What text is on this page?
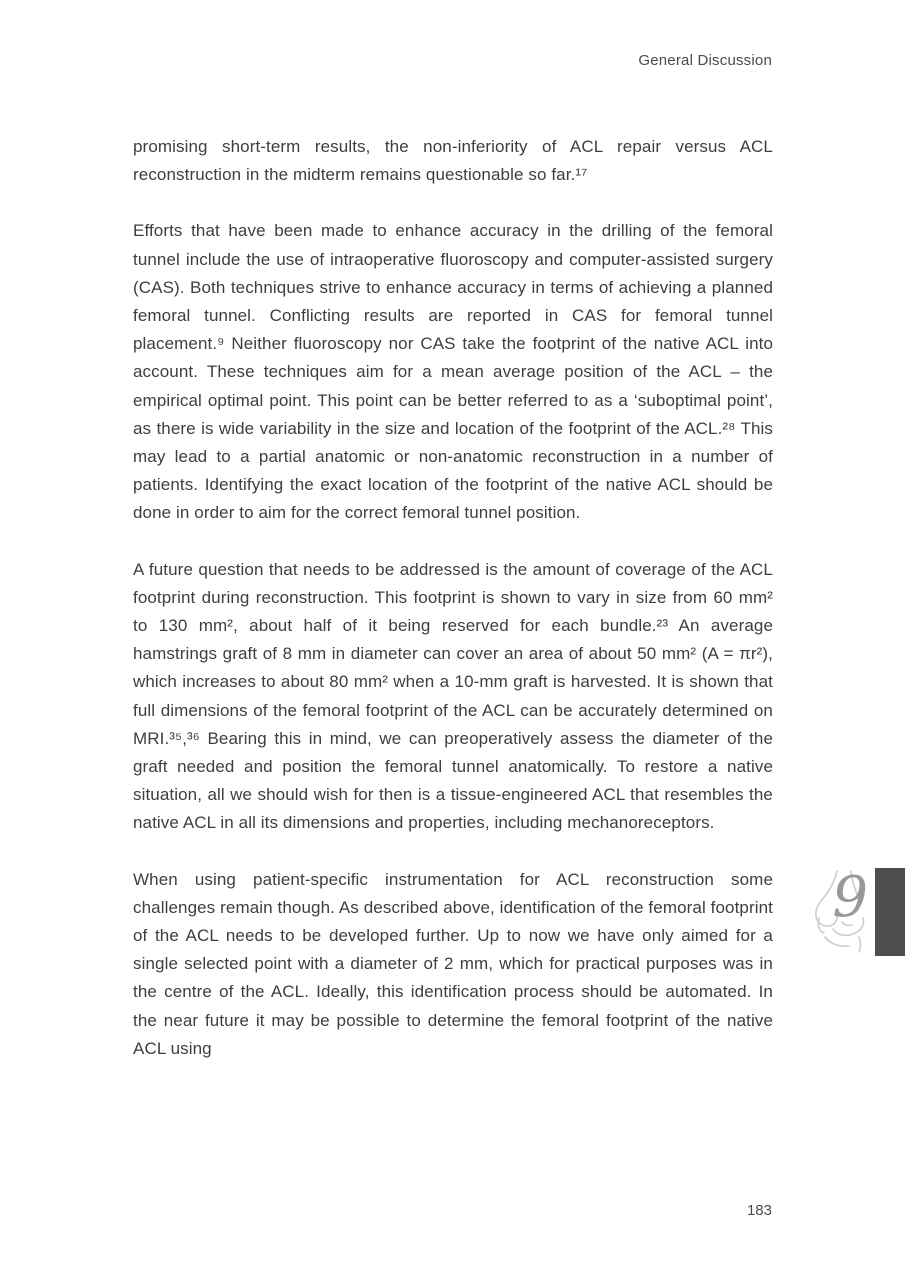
General Discussion

promising short-term results, the non-inferiority of ACL repair versus ACL reconstruction in the midterm remains questionable so far.¹⁷

Efforts that have been made to enhance accuracy in the drilling of the femoral tunnel include the use of intraoperative fluoroscopy and computer-assisted surgery (CAS). Both techniques strive to enhance accuracy in terms of achieving a planned femoral tunnel. Conflicting results are reported in CAS for femoral tunnel placement.⁹ Neither fluoroscopy nor CAS take the footprint of the native ACL into account. These techniques aim for a mean average position of the ACL – the empirical optimal point. This point can be better referred to as a ‘suboptimal point’, as there is wide variability in the size and location of the footprint of the ACL.²⁸ This may lead to a partial anatomic or non-anatomic reconstruction in a number of patients. Identifying the exact location of the footprint of the native ACL should be done in order to aim for the correct femoral tunnel position.

A future question that needs to be addressed is the amount of coverage of the ACL footprint during reconstruction. This footprint is shown to vary in size from 60 mm² to 130 mm², about half of it being reserved for each bundle.²³ An average hamstrings graft of 8 mm in diameter can cover an area of about 50 mm² (A = πr²), which increases to about 80 mm² when a 10-mm graft is harvested. It is shown that full dimensions of the femoral footprint of the ACL can be accurately determined on MRI.³⁵,³⁶ Bearing this in mind, we can preoperatively assess the diameter of the graft needed and position the femoral tunnel anatomically. To restore a native situation, all we should wish for then is a tissue-engineered ACL that resembles the native ACL in all its dimensions and properties, including mechanoreceptors.

When using patient-specific instrumentation for ACL reconstruction some challenges remain though. As described above, identification of the femoral footprint of the ACL needs to be developed further. Up to now we have only aimed for a single selected point with a diameter of 2 mm, which for practical purposes was in the centre of the ACL. Ideally, this identification process should be automated. In the near future it may be possible to determine the femoral footprint of the native ACL using

9
183
